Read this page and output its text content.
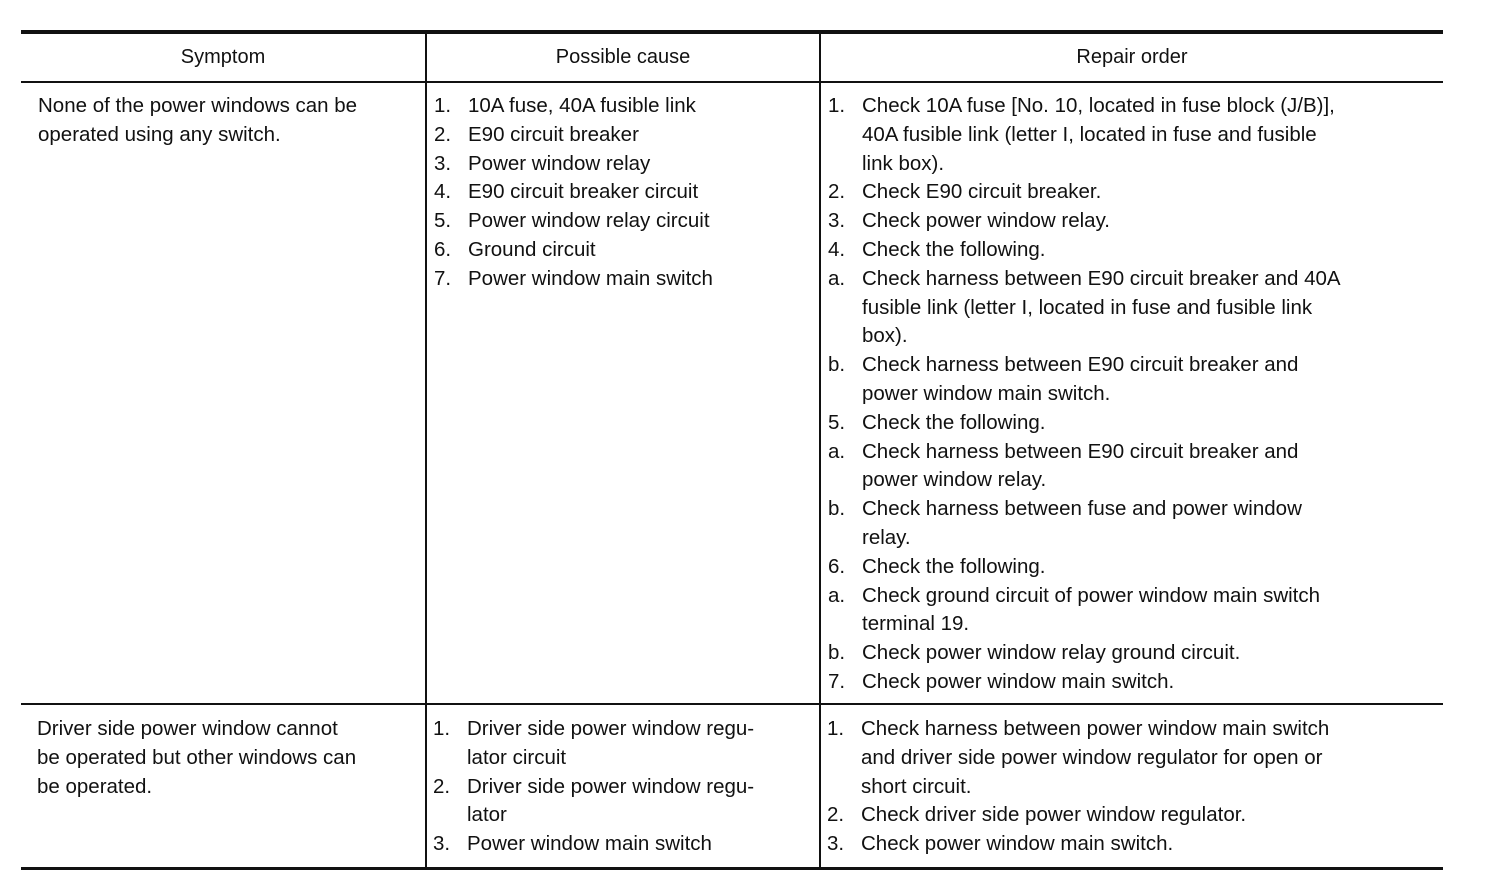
Symptom	Possible cause	Repair order
None of the power windows can be
operated using any switch.
1. 10A fuse, 40A fusible link
2. E90 circuit breaker
3. Power window relay
4. E90 circuit breaker circuit
5. Power window relay circuit
6. Ground circuit
7. Power window main switch
1. Check 10A fuse [No. 10, located in fuse block (J/B)],
40A fusible link (letter I, located in fuse and fusible
link box).
2. Check E90 circuit breaker.
3. Check power window relay.
4. Check the following.
a. Check harness between E90 circuit breaker and 40A
fusible link (letter I, located in fuse and fusible link
box).
b. Check harness between E90 circuit breaker and
power window main switch.
5. Check the following.
a. Check harness between E90 circuit breaker and
power window relay.
b. Check harness between fuse and power window
relay.
6. Check the following.
a. Check ground circuit of power window main switch
terminal 19.
b. Check power window relay ground circuit.
7. Check power window main switch.
Driver side power window cannot
be operated but other windows can
be operated.
1. Driver side power window regu-
lator circuit
2. Driver side power window regu-
lator
3. Power window main switch
1. Check harness between power window main switch
and driver side power window regulator for open or
short circuit.
2. Check driver side power window regulator.
3. Check power window main switch.
